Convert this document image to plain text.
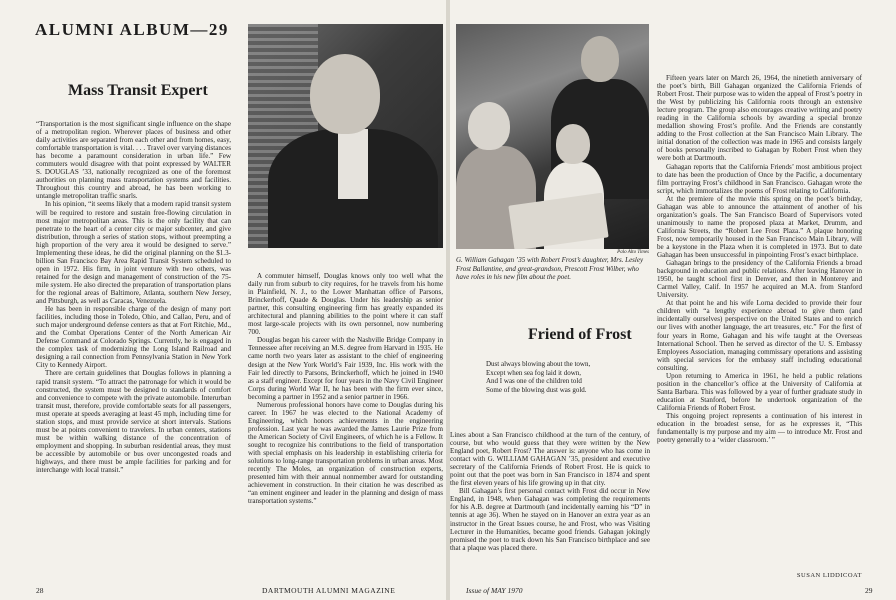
ALUMNI ALBUM—29
Mass Transit Expert

“Transportation is the most significant single influence on the shape of a metropolitan region. Wherever places of business and other daily activities are separated from each other and from homes, easy, comfortable transportation is vital. . . . Travel over varying distances has become a paramount consideration in urban life.” Few commuters would disagree with that point expressed by WALTER S. DOUGLAS ’33, nationally recognized as one of the foremost authorities on planning mass transportation systems and facilities. Throughout this country and abroad, he has been working to untangle metropolitan traffic snarls.

In his opinion, “it seems likely that a modern rapid transit system will be required to restore and sustain free-flowing circulation in most major metropolitan areas. This is the only facility that can penetrate to the heart of a center city or major subcenter, and give distribution, through a series of station stops, without preempting a high proportion of the very area it would be designed to serve.” Implementing these ideas, he did the original planning on the $1.3-billion San Francisco Bay Area Rapid Transit System scheduled to open in 1972. His firm, in joint venture with two others, was retained for the design and management of construction of the 75-mile system. He also directed the preparation of transportation plans for the regional areas of Baltimore, Atlanta, southern New Jersey, and Pittsburgh, as well as Caracas, Venezuela.

He has been in responsible charge of the design of many port facilities, including those in Toledo, Ohio, and Callao, Peru, and of such major underground defense centers as that at Fort Ritchie, Md., and the Combat Operations Center of the North American Air Defense Command at Colorado Springs. Currently, he is engaged in the complex task of modernizing the Long Island Railroad and designing a rail connection from Pennsylvania Station in New York City to Kennedy Airport.

There are certain guidelines that Douglas follows in planning a rapid transit system. “To attract the patronage for which it would be constructed, the system must be designed to standards of comfort and convenience to compete with the private automobile. Interurban transit must, therefore, provide comfortable seats for all passengers, must operate at speeds averaging at least 45 mph, including time for station stops, and must provide service at short intervals. Stations must be at points convenient to travelers. In urban centers, stations must be within walking distance of the concentration of employment and shopping. In suburban residential areas, they must be accessible by automobile or bus over uncongested roads and highways, and there must be ample facilities for parking and for interchange with local transit.”

A commuter himself, Douglas knows only too well what the daily run from suburb to city requires, for he travels from his home in Plainfield, N. J., to the Lower Manhattan office of Parsons, Brinckerhoff, Quade & Douglas. Under his leadership as senior partner, this consulting engineering firm has greatly expanded its architectural and planning abilities to the point where it can staff most large-scale projects with its own personnel, now numbering 700.

Douglas began his career with the Nashville Bridge Company in Tennessee after receiving an M.S. degree from Harvard in 1935. He came north two years later as assistant to the chief of engineering design at the New York World’s Fair 1939, Inc. His work with the Fair led directly to Parsons, Brinckerhoff, which he joined in 1940 as a staff engineer. Except for four years in the Navy Civil Engineer Corps during World War II, he has been with the firm ever since, becoming a partner in 1952 and a senior partner in 1966.

Numerous professional honors have come to Douglas during his career. In 1967 he was elected to the National Academy of Engineering, which honors achievements in the engineering profession. Last year he was awarded the James Laurie Prize from the American Society of Civil Engineers, of which he is a Fellow. It sought to recognize his contributions to the field of transportation with special emphasis on his leadership in establishing criteria for solutions to long-range transportation problems in urban areas. Most recently The Moles, an organization of construction experts, presented him with their annual nonmember award for outstanding achievement in construction. In their citation he was described as “an eminent engineer and leader in the planning and design of mass transportation systems.”

28	DARTMOUTH ALUMNI MAGAZINE
Palo Alto Times
G. William Gahagan ’35 with Robert Frost’s daughter, Mrs. Lesley Frost Ballantine, and great-grandson, Prescott Frost Wilber, who have roles in his new film about the poet.
Friend of Frost
Dust always blowing about the town,
Except when sea fog laid it down,
And I was one of the children told
Some of the blowing dust was gold.

Lines about a San Francisco childhood at the turn of the century, of course, but who would guess that they were written by the New England poet, Robert Frost? The answer is: anyone who has come in contact with G. WILLIAM GAHAGAN ’35, president and executive secretary of the California Friends of Robert Frost. He is quick to point out that the poet was born in San Francisco in 1874 and spent the first eleven years of his life growing up in that city.

Bill Gahagan’s first personal contact with Frost did occur in New England, in 1948, when Gahagan was completing the requirements for his A.B. degree at Dartmouth (and incidentally earning his “D” in tennis at age 36). When he stayed on in Hanover an extra year as an instructor in the Great Issues course, he and Frost, who was Visiting Lecturer in the Humanities, became good friends. Gahagan jokingly promised the poet to track down his San Francisco birthplace and see that a plaque was placed there.

Fifteen years later on March 26, 1964, the ninetieth anniversary of the poet’s birth, Bill Gahagan organized the California Friends of Robert Frost. Their purpose was to widen the appeal of Frost’s poetry in the West by publicizing his California roots through an extensive lecture program. The group also encourages creative writing and poetry reading in the California schools by awarding a special bronze medallion showing Frost’s profile. And the Friends are constantly adding to the Frost collection at the San Francisco Main Library. The initial donation of the collection was made in 1965 and consists largely of books personally inscribed to Gahagan by Robert Frost when they were both at Dartmouth.

Gahagan reports that the California Friends’ most ambitious project to date has been the production of Once by the Pacific, a documentary film portraying Frost’s childhood in San Francisco. Gahagan wrote the script, which immortalizes the poems of Frost relating to California.

At the premiere of the movie this spring on the poet’s birthday, Gahagan was able to announce the attainment of another of his organization’s goals. The San Francisco Board of Supervisors voted unanimously to name the proposed plaza at Market, Drumm, and California Streets, the “Robert Lee Frost Plaza.” A plaque honoring Frost, now temporarily housed in the San Francisco Main Library, will be a keystone in the Plaza when it is completed in 1973. But to date Gahagan has been unsuccessful in pinpointing Frost’s exact birthplace.

Gahagan brings to the presidency of the California Friends a broad background in education and public relations. After leaving Hanover in 1950, he taught school first in Denver, and then in Monterey and Carmel Valley, Calif. In 1957 he acquired an M.A. from Stanford University.

At that point he and his wife Lorna decided to provide their four children with “a lengthy experience abroad to give them (and incidentally ourselves) perspective on the United States and to enrich our lives with another language, the art treasures, etc.” For the first of four years in Rome, Gahagan and his wife taught at the Overseas International School. Then he served as director of the U. S. Embassy Employees Association, managing commissary operations and assisting with special services for the embassy staff including educational consulting.

Upon returning to America in 1961, he held a public relations position in the chancellor’s office at the University of California at Santa Barbara. This was followed by a year of further graduate study in education at Stanford, before he undertook organization of the California Friends of Robert Frost.

This ongoing project represents a continuation of his interest in education in the broadest sense, for as he expresses it, “This fundamentally is my purpose and my aim — to introduce Mr. Frost and poetry generally to a ‘wider classroom.’ ”

SUSAN LIDDICOAT
Issue of MAY 1970	29
